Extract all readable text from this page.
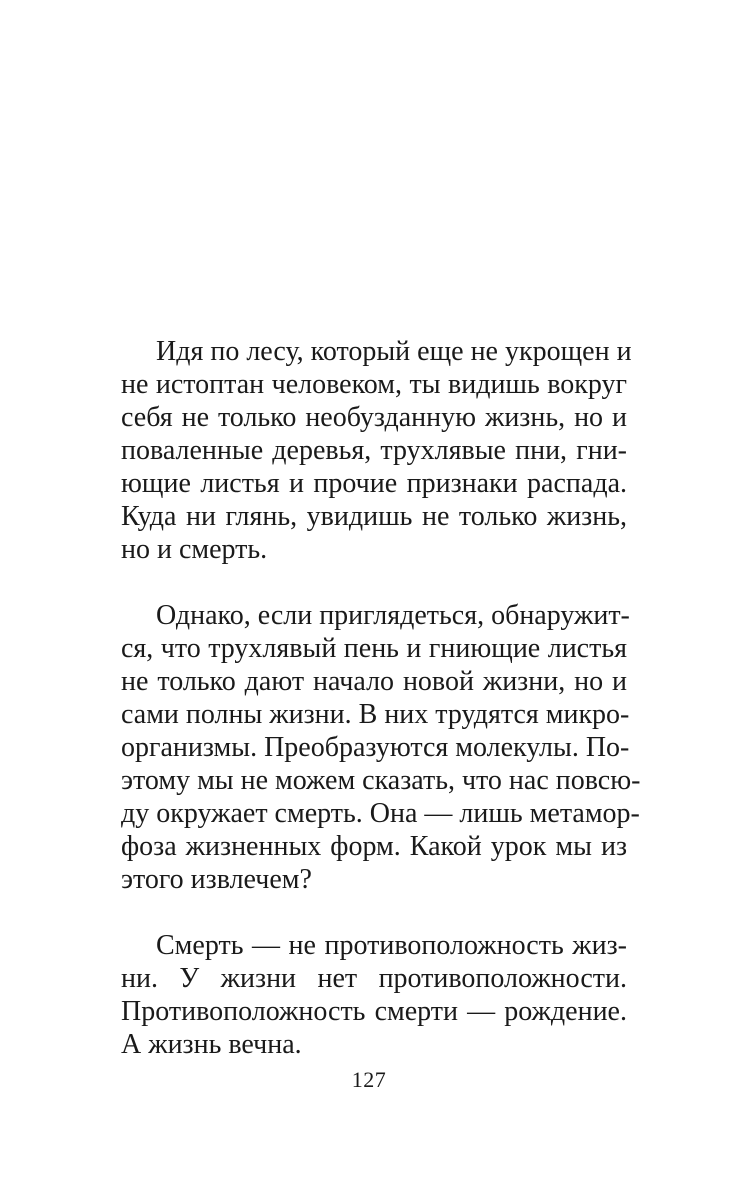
Идя по лесу, который еще не укрощен и
не истоптан человеком, ты видишь вокруг
себя не только необузданную жизнь, но и
поваленные деревья, трухлявые пни, гни-
ющие листья и прочие признаки распада.
Куда ни глянь, увидишь не только жизнь,
но и смерть.
Однако, если приглядеться, обнаружит-
ся, что трухлявый пень и гниющие листья
не только дают начало новой жизни, но и
сами полны жизни. В них трудятся микро-
организмы. Преобразуются молекулы. По-
этому мы не можем сказать, что нас повсю-
ду окружает смерть. Она — лишь метамор-
фоза жизненных форм. Какой урок мы из
этого извлечем?
Смерть — не противоположность жиз-
ни. У жизни нет противоположности.
Противоположность смерти — рождение.
А жизнь вечна.
127
